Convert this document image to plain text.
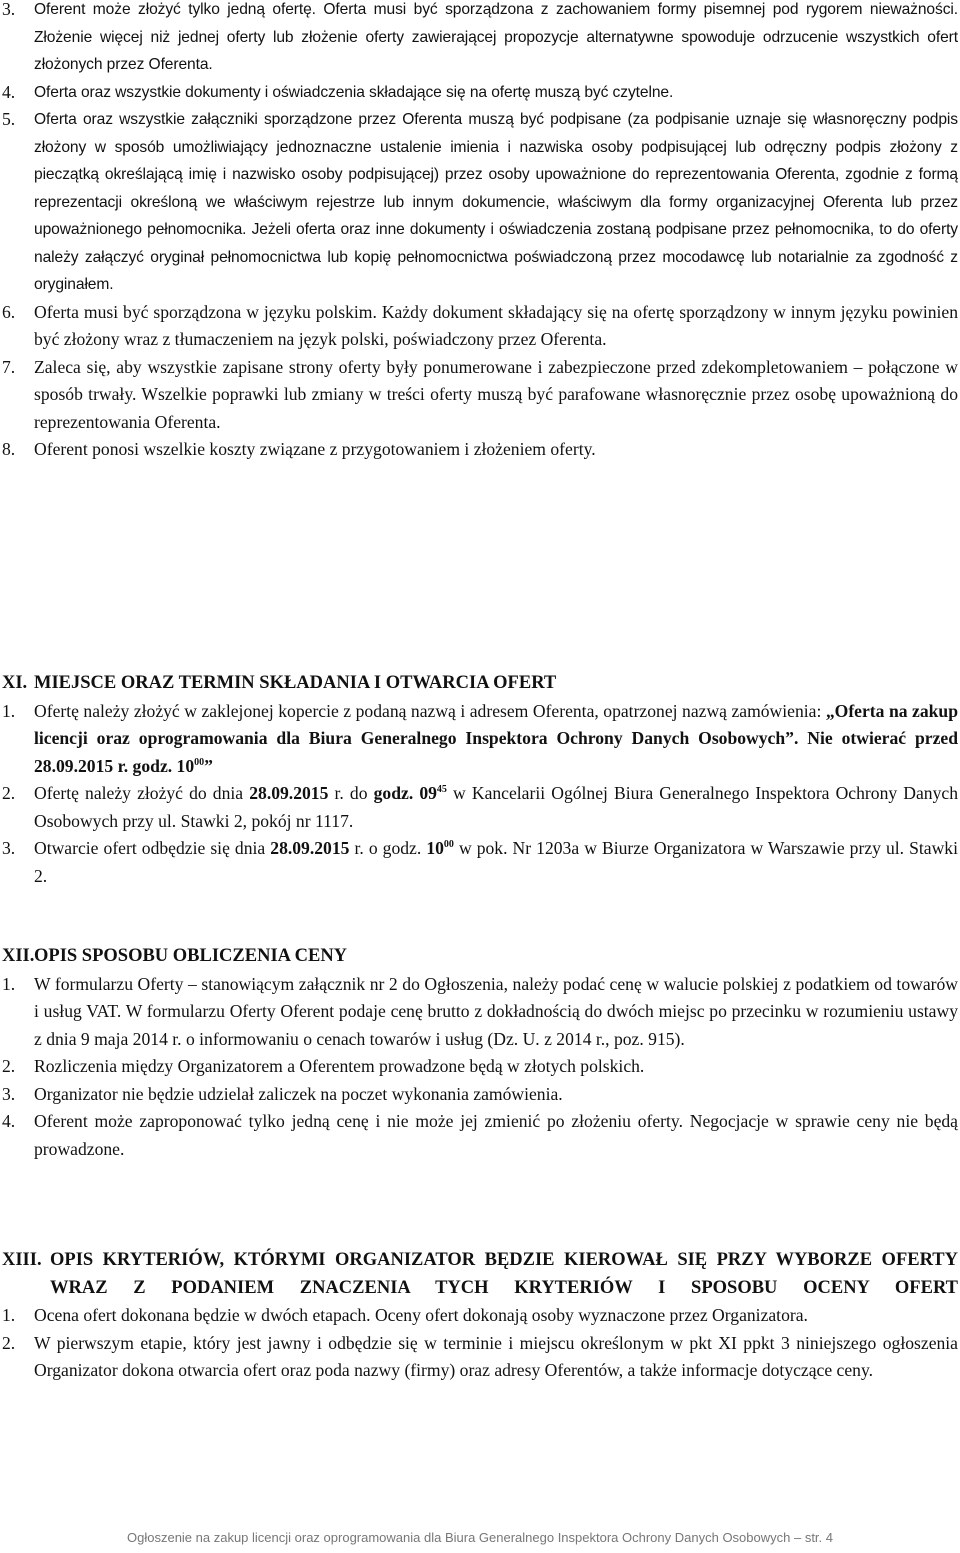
3.	Oferent może złożyć tylko jedną ofertę. Oferta musi być sporządzona z zachowaniem formy pisemnej pod rygorem nieważności. Złożenie więcej niż jednej oferty lub złożenie oferty zawierającej propozycje alternatywne spowoduje odrzucenie wszystkich ofert złożonych przez Oferenta.
4.	Oferta oraz wszystkie dokumenty i oświadczenia składające się na ofertę muszą być czytelne.
5.	Oferta oraz wszystkie załączniki sporządzone przez Oferenta muszą być podpisane (za podpisanie uznaje się własnoręczny podpis złożony w sposób umożliwiający jednoznaczne ustalenie imienia i nazwiska osoby podpisującej lub odręczny podpis złożony z pieczątką określającą imię i nazwisko osoby podpisującej) przez osoby upoważnione do reprezentowania Oferenta, zgodnie z formą reprezentacji określoną we właściwym rejestrze lub innym dokumencie, właściwym dla formy organizacyjnej Oferenta lub przez upoważnionego pełnomocnika. Jeżeli oferta oraz inne dokumenty i oświadczenia zostaną podpisane przez pełnomocnika, to do oferty należy załączyć oryginał pełnomocnictwa lub kopię pełnomocnictwa poświadczoną przez mocodawcę lub notarialnie za zgodność z oryginałem.
6.	Oferta musi być sporządzona w języku polskim. Każdy dokument składający się na ofertę sporządzony w innym języku powinien być złożony wraz z tłumaczeniem na język polski, poświadczony przez Oferenta.
7.	Zaleca się, aby wszystkie zapisane strony oferty były ponumerowane i zabezpieczone przed zdekompletowaniem – połączone w sposób trwały. Wszelkie poprawki lub zmiany w treści oferty muszą być parafowane własnoręcznie przez osobę upoważnioną do reprezentowania Oferenta.
8.	Oferent ponosi wszelkie koszty związane z przygotowaniem i złożeniem oferty.
XI. MIEJSCE ORAZ TERMIN SKŁADANIA I OTWARCIA OFERT
1.	Ofertę należy złożyć w zaklejonej kopercie z podaną nazwą i adresem Oferenta, opatrzonej nazwą zamówienia: „Oferta na zakup licencji oraz oprogramowania dla Biura Generalnego Inspektora Ochrony Danych Osobowych”. Nie otwierać przed 28.09.2015 r. godz. $10^{00}$”
2.	Ofertę należy złożyć do dnia 28.09.2015 r. do godz. $09^{45}$ w Kancelarii Ogólnej Biura Generalnego Inspektora Ochrony Danych Osobowych przy ul. Stawki 2, pokój nr 1117.
3.	Otwarcie ofert odbędzie się dnia 28.09.2015 r. o godz. $10^{00}$ w pok. Nr 1203a w Biurze Organizatora w Warszawie przy ul. Stawki 2.
XII. OPIS SPOSOBU OBLICZENIA CENY
1.	W formularzu Oferty – stanowiącym załącznik nr 2 do Ogłoszenia, należy podać cenę w walucie polskiej z podatkiem od towarów i usług VAT. W formularzu Oferty Oferent podaje cenę brutto z dokładnością do dwóch miejsc po przecinku w rozumieniu ustawy z dnia 9 maja 2014 r. o informowaniu o cenach towarów i usług (Dz. U. z 2014 r., poz. 915).
2.	Rozliczenia między Organizatorem a Oferentem prowadzone będą w złotych polskich.
3.	Organizator nie będzie udzielał zaliczek na poczet wykonania zamówienia.
4.	Oferent może zaproponować tylko jedną cenę i nie może jej zmienić po złożeniu oferty. Negocjacje w sprawie ceny nie będą prowadzone.
XIII. OPIS KRYTERIÓW, KTÓRYMI ORGANIZATOR BĘDZIE KIEROWAŁ SIĘ PRZY WYBORZE OFERTY WRAZ Z PODANIEM ZNACZENIA TYCH KRYTERIÓW I SPOSOBU OCENY OFERT
1.	Ocena ofert dokonana będzie w dwóch etapach. Oceny ofert dokonają osoby wyznaczone przez Organizatora.
2.	W pierwszym etapie, który jest jawny i odbędzie się w terminie i miejscu określonym w pkt XI ppkt 3 niniejszego ogłoszenia Organizator dokona otwarcia ofert oraz poda nazwy (firmy) oraz adresy Oferentów, a także informacje dotyczące ceny.
Ogłoszenie na zakup licencji oraz oprogramowania dla Biura Generalnego Inspektora Ochrony Danych Osobowych – str. 4
